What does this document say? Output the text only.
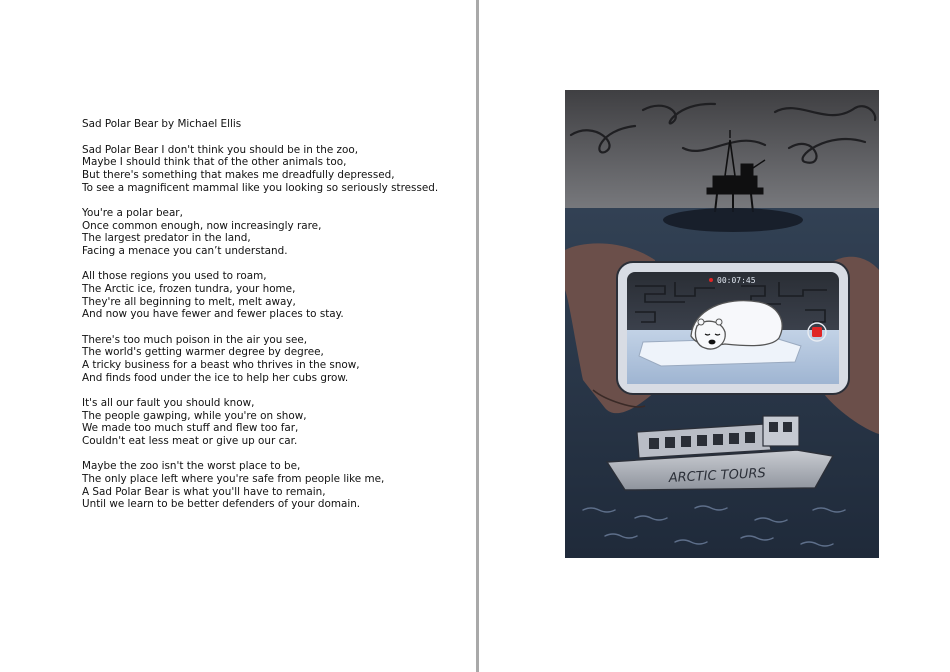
Sad Polar Bear by Michael Ellis
Sad Polar Bear I don't think you should be in the zoo,
Maybe I should think that of the other animals too,
But there's something that makes me dreadfully depressed,
To see a magnificent mammal like you looking so seriously stressed.
You're a polar bear,
Once common enough, now increasingly rare,
The largest predator in the land,
Facing a menace you can’t understand.
All those regions you used to roam,
The Arctic ice, frozen tundra, your home,
They're all beginning to melt, melt away,
And now you have fewer and fewer places to stay.
There's too much poison in the air you see,
The world's getting warmer degree by degree,
A tricky business for a beast who thrives in the snow,
And finds food under the ice to help her cubs grow.
It's all our fault you should know,
The people gawping, while you're on show,
We made too much stuff and flew too far,
Couldn't eat less meat or give up our car.
Maybe the zoo isn't the worst place to be,
The only place left where you're safe from people like me,
A Sad Polar Bear is what you'll have to remain,
Until we learn to be better defenders of your domain.
00:07:45
ARCTIC TOURS
